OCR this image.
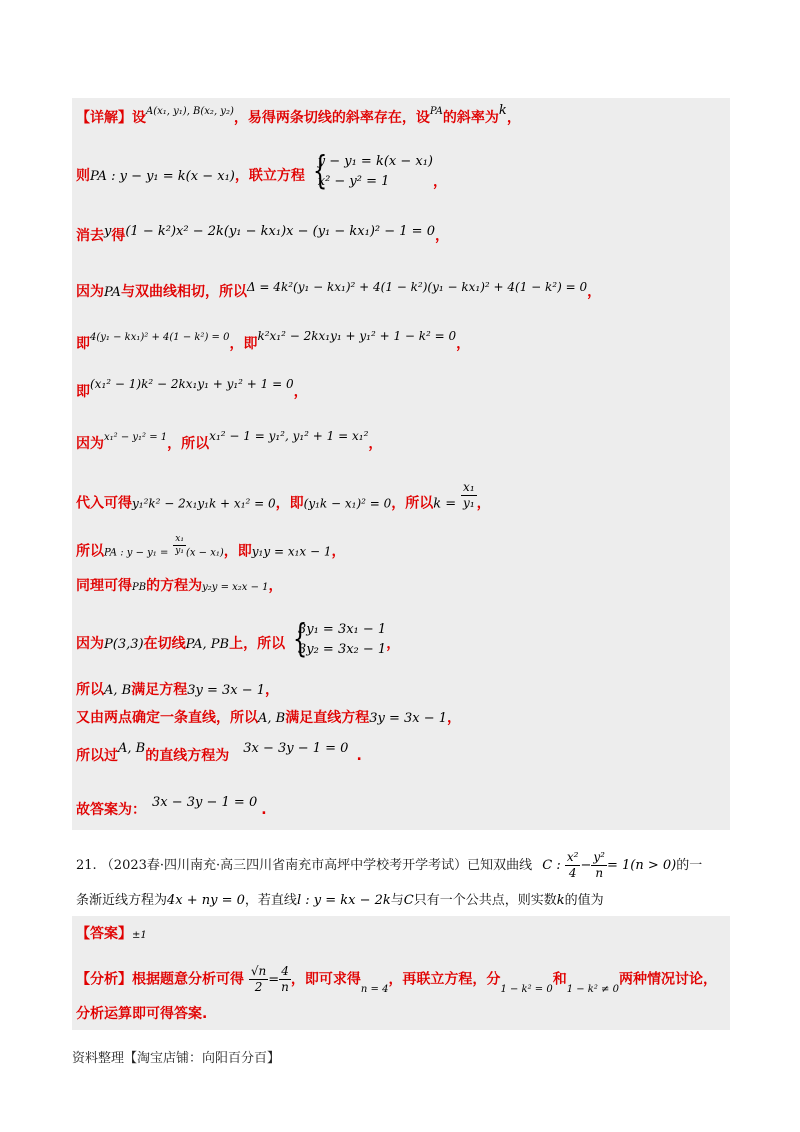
【详解】设$^{A(x_1, y_1), B(x_2, y_2)}$，易得两条切线的斜率存在，设$^{PA}$的斜率为k，
则PA : y − y₁ = k(x − x₁)，联立方程 {
y − y₁ = k(x − x₁)
x² − y² = 1	，
消去y得(1 − k²)x² − 2k(y₁ − kx₁)x − (y₁ − kx₁)² − 1 = 0，
因为PA与双曲线相切，所以Δ = 4k²(y₁ − kx₁)² + 4(1 − k²)(y₁ − kx₁)² + 4(1 − k²) = 0，
即$^{4(y_1 - kx_1)^2 + 4(1 - k^2) = 0}$，即k²x₁² − 2kx₁y₁ + y₁² + 1 − k² = 0，
即(x₁² − 1)k² − 2kx₁y₁ + y₁² + 1 = 0，
因为$^{x_1^2 - y_1^2 = 1}$，所以x₁² − 1 = y₁², y₁² + 1 = x₁²，
代入可得y₁²k² − 2x₁y₁k + x₁² = 0，即(y₁k − x₁)² = 0，所以$k = \frac{\text{x₁}}{\text{y₁}}$ ，
所以PA : $y - y_1 = \frac{\text{x₁}}{\text{y₁}} (x - x_1)$，即y₁y = x₁x − 1，
同理可得PB的方程为y₂y = x₂x − 1，
因为P(3,3)在切线PA, PB上，所以 {
3y₁ = 3x₁ − 1
3y₂ = 3x₂ − 1 ，
所以A, B满足方程3y = 3x − 1，
又由两点确定一条直线，所以A, B满足直线方程3y = 3x − 1，
所以过A, B的直线方程为 3x − 3y − 1 = 0 .
故答案为： 3x − 3y − 1 = 0 .
21. （2023春·四川南充·高三四川省南充市高坪中学校考开学考试）已知双曲线 C : $\frac{\text{x²}}{4} - \frac{\text{y²}}{n} = 1(n > 0)$的一
条渐近线方程为4x + ny = 0，若直线l : y = kx − 2k与C只有一个公共点，则实数k的值为
【答案】±1
【分析】根据题意分析可得 $\frac{√n}{2} = \frac{4}{n}$ ，即可求得$_{n = 4}$，再联立方程，分$_{1 - k^2 = 0}$和$_{1 - k^2 \ne 0}$两种情况讨论，
分析运算即可得答案.
资料整理【淘宝店铺：向阳百分百】
